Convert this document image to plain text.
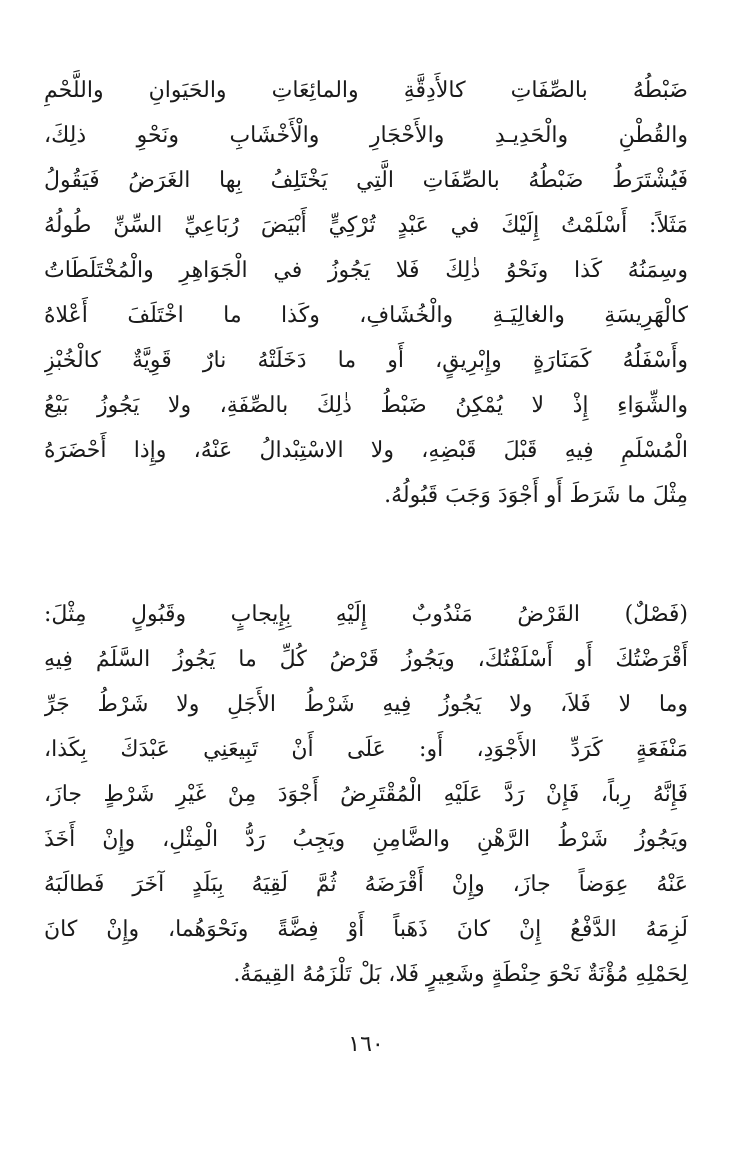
ضَبْطُهُ بالصِّفَاتِ كالأَدِقَّةِ والمائِعَاتِ والحَيَوانِ واللَّحْمِ
والقُطْنِ والْحَدِيـدِ والأَحْجَارِ والْأَخْشَابِ ونَحْوِ ذلِكَ،
فَيُشْتَرَطُ ضَبْطُهُ بالصِّفَاتِ الَّتِي يَخْتَلِفُ بِها الغَرَضُ فَيَقُولُ
مَثَلاً: أَسْلَمْتُ إِلَيْكَ في عَبْدٍ تُرْكِيٍّ أَبْيَضَ رُبَاعِيِّ السِّنِّ طُولُهُ
وسِمَنُهُ كَذا ونَحْوُ ذٰلِكَ فَلا يَجُوزُ في الْجَوَاهِرِ والْمُخْتَلَطَاتُ
كالْهَرِيسَةِ والغالِيَـةِ والْخُشَافِ، وكَذا ما اخْتَلَفَ أَعْلاهُ
وأَسْفَلُهُ كَمَنَارَةٍ وإِبْرِيقٍ، أَو ما دَخَلَتْهُ نارٌ قَوِيَّةٌ كالْخُبْزِ
والشِّوَاءِ إِذْ لا يُمْكِنُ ضَبْطُ ذٰلِكَ بالصِّفَةِ، ولا يَجُوزُ بَيْعُ
الْمُسْلَمِ فِيهِ قَبْلَ قَبْضِهِ، ولا الاسْتِبْدالُ عَنْهُ، وإِذا أَحْضَرَهُ
مِثْلَ ما شَرَطَ أَو أَجْوَدَ وَجَبَ قَبُولُهُ.
(فَصْلٌ) القَرْضُ مَنْدُوبٌ إِلَيْهِ بِإِيجابٍ وقَبُولٍ مِثْلَ:
أَقْرَضْتُكَ أَو أَسْلَفْتُكَ، ويَجُوزُ قَرْضُ كُلِّ ما يَجُوزُ السَّلَمُ فِيهِ
وما لا فَلاَ، ولا يَجُوزُ فِيهِ شَرْطُ الأَجَلِ ولا شَرْطُ جَرِّ
مَنْفَعَةٍ كَرَدِّ الأَجْوَدِ، أَو: عَلَى أَنْ تَبِيعَنِي عَبْدَكَ بِكَذا،
فَإِنَّهُ رِباً، فَإِنْ رَدَّ عَلَيْهِ الْمُقْتَرِضُ أَجْوَدَ مِنْ غَيْرِ شَرْطٍ جازَ،
ويَجُوزُ شَرْطُ الرَّهْنِ والضَّامِنِ ويَجِبُ رَدُّ الْمِثْلِ، وإِنْ أَخَذَ
عَنْهُ عِوَضاً جازَ، وإِنْ أَقْرَضَهُ ثُمَّ لَقِيَهُ بِبَلَدٍ آخَرَ فَطالَبَهُ
لَزِمَهُ الدَّفْعُ إِنْ كانَ ذَهَباً أَوْ فِضَّةً ونَحْوَهُما، وإِنْ كانَ
لِحَمْلِهِ مُؤْنَةٌ نَحْوَ حِنْطَةٍ وشَعِيرٍ فَلا، بَلْ تَلْزَمُهُ القِيمَةُ.
١٦٠
